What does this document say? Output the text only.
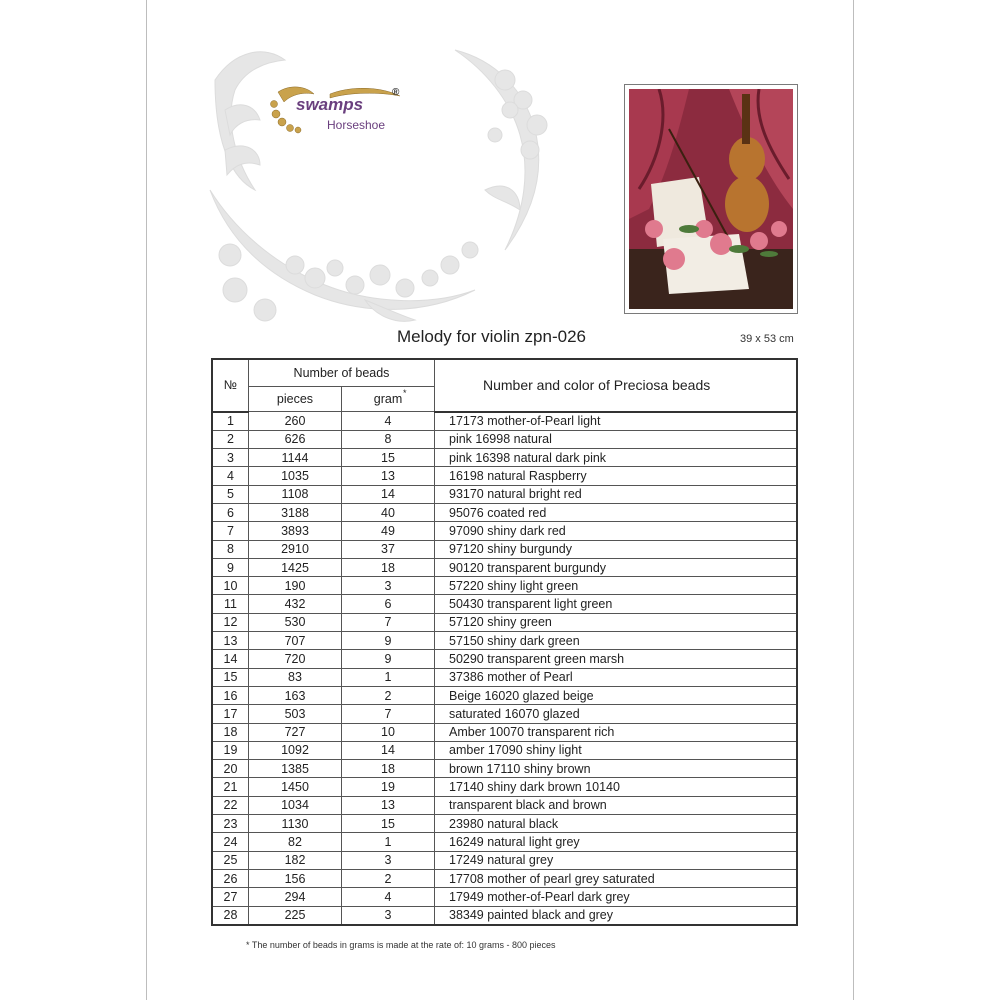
swamps
Horseshoe
®
Melody for violin zpn-026	39 x 53 cm
№	Number of beads		Number and color of Preciosa beads
	pieces	gram *	

1	260	4	17173 mother-of-Pearl light
2	626	8	pink 16998 natural
3	1144	15	pink 16398 natural dark pink
4	1035	13	16198 natural Raspberry
5	1108	14	93170 natural bright red
6	3188	40	95076 coated red
7	3893	49	97090 shiny dark red
8	2910	37	97120 shiny burgundy
9	1425	18	90120 transparent burgundy
10	190	3	57220 shiny light green
11	432	6	50430 transparent light green
12	530	7	57120 shiny green
13	707	9	57150 shiny dark green
14	720	9	50290 transparent green marsh
15	83	1	37386 mother of Pearl
16	163	2	Beige 16020 glazed beige
17	503	7	saturated 16070 glazed
18	727	10	Amber 10070 transparent rich
19	1092	14	amber 17090 shiny light
20	1385	18	brown 17110 shiny brown
21	1450	19	17140 shiny dark brown 10140
22	1034	13	transparent black and brown
23	1130	15	23980 natural black
24	82	1	16249 natural light grey
25	182	3	17249 natural grey
26	156	2	17708 mother of pearl grey saturated
27	294	4	17949 mother-of-Pearl dark grey
28	225	3	38349 painted black and grey
* The number of beads in grams is made at the rate of: 10 grams - 800 pieces
